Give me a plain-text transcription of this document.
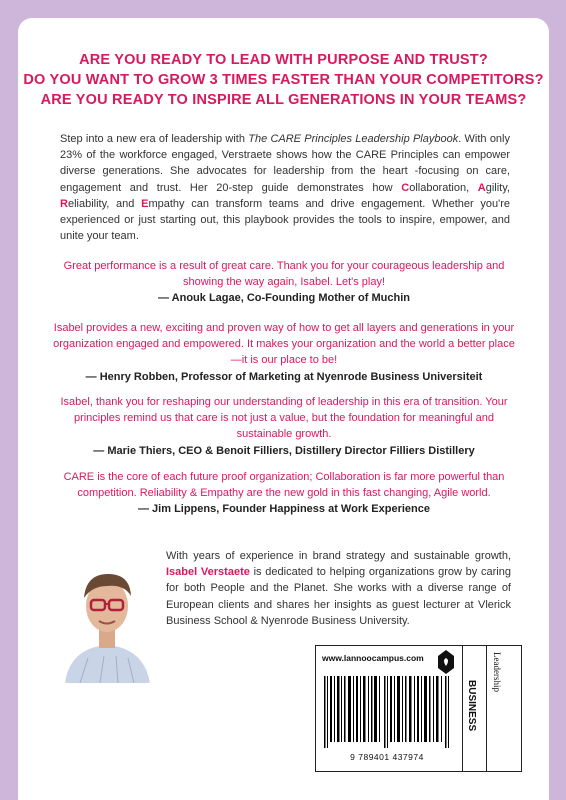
ARE YOU READY TO LEAD WITH PURPOSE AND TRUST?
DO YOU WANT TO GROW 3 TIMES FASTER THAN YOUR COMPETITORS?
ARE YOU READY TO INSPIRE ALL GENERATIONS IN YOUR TEAMS?
Step into a new era of leadership with The CARE Principles Leadership Playbook. With only 23% of the workforce engaged, Verstraete shows how the CARE Principles can empower diverse generations. She advocates for leadership from the heart -focusing on care, engagement and trust. Her 20-step guide demonstrates how Collaboration, Agility, Reliability, and Empathy can transform teams and drive engagement. Whether you're experienced or just starting out, this playbook provides the tools to inspire, empower, and unite your team.
Great performance is a result of great care. Thank you for your courageous leadership and showing the way again, Isabel. Let's play!
— Anouk Lagae, Co-Founding Mother of Muchin
Isabel provides a new, exciting and proven way of how to get all layers and generations in your organization engaged and empowered. It makes your organization and the world a better place—it is our place to be!
— Henry Robben, Professor of Marketing at Nyenrode Business Universiteit
Isabel, thank you for reshaping our understanding of leadership in this era of transition. Your principles remind us that care is not just a value, but the foundation for meaningful and sustainable growth.
— Marie Thiers, CEO & Benoit Filliers, Distillery Director Filliers Distillery
CARE is the core of each future proof organization; Collaboration is far more powerful than competition. Reliability & Empathy are the new gold in this fast changing, Agile world.
— Jim Lippens, Founder Happiness at Work Experience
With years of experience in brand strategy and sustainable growth, Isabel Verstaete is dedicated to helping organizations grow by caring for both People and the Planet. She works with a diverse range of European clients and shares her insights as guest lecturer at Vlerick Business School & Nyenrode Business University.
www.lannoocampus.com
9 789401 437974
BUSINESS
Leadership
